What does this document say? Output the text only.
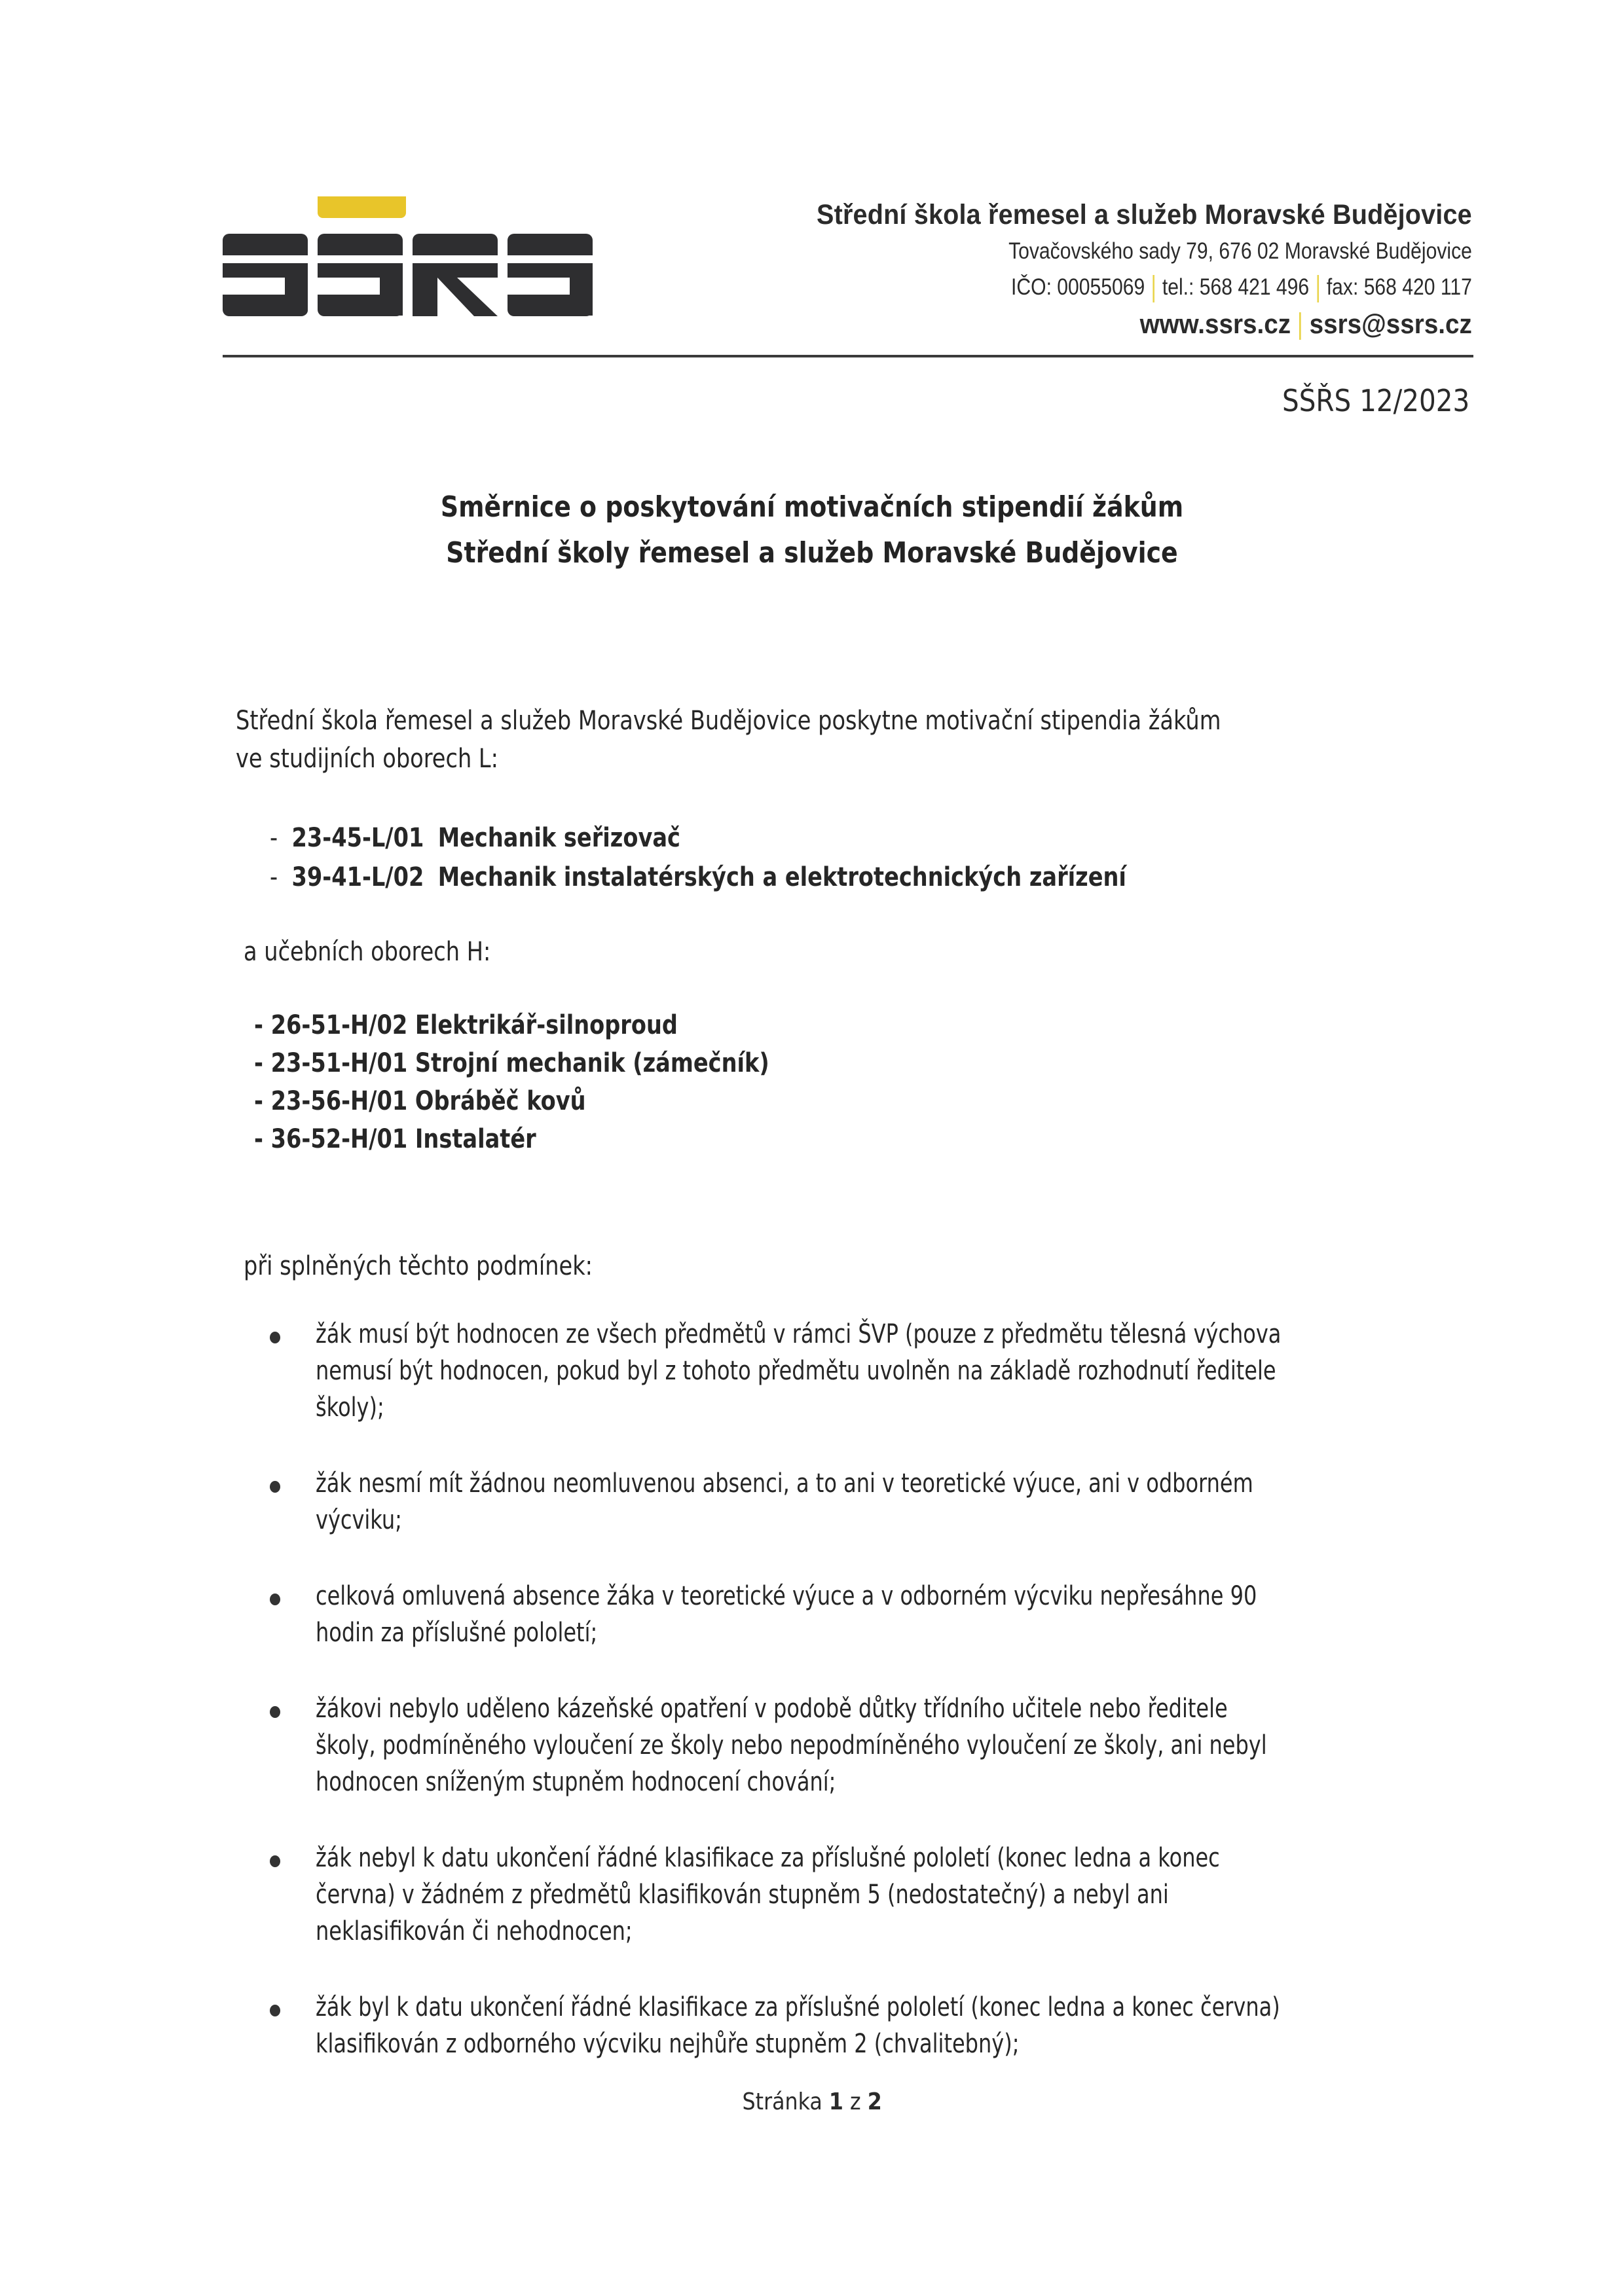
Střední škola řemesel a služeb Moravské Budějovice
Tovačovského sady 79, 676 02 Moravské Budějovice
IČO: 00055069 tel.: 568 421 496 fax: 568 420 117
www.ssrs.cz ssrs@ssrs.cz
SŠŘS 12/2023
Směrnice o poskytování motivačních stipendií žákům
Střední školy řemesel a služeb Moravské Budějovice
Střední škola řemesel a služeb Moravské Budějovice poskytne motivační stipendia žákům
ve studijních oborech L:
-  23-45-L/01 Mechanik seřizovač
-  39-41-L/02 Mechanik instalatérských a elektrotechnických zařízení
a učebních oborech H:
- 26-51-H/02 Elektrikář-silnoproud
- 23-51-H/01 Strojní mechanik (zámečník)
- 23-56-H/01 Obráběč kovů
- 36-52-H/01 Instalatér
při splněných těchto podmínek:
žák musí být hodnocen ze všech předmětů v rámci ŠVP (pouze z předmětu tělesná výchova
nemusí být hodnocen, pokud byl z tohoto předmětu uvolněn na základě rozhodnutí ředitele
školy);
žák nesmí mít žádnou neomluvenou absenci, a to ani v teoretické výuce, ani v odborném
výcviku;
celková omluvená absence žáka v teoretické výuce a v odborném výcviku nepřesáhne 90
hodin za příslušné pololetí;
žákovi nebylo uděleno kázeňské opatření v podobě důtky třídního učitele nebo ředitele
školy, podmíněného vyloučení ze školy nebo nepodmíněného vyloučení ze školy, ani nebyl
hodnocen sníženým stupněm hodnocení chování;
žák nebyl k datu ukončení řádné klasifikace za příslušné pololetí (konec ledna a konec
června) v žádném z předmětů klasifikován stupněm 5 (nedostatečný) a nebyl ani
neklasifikován či nehodnocen;
žák byl k datu ukončení řádné klasifikace za příslušné pololetí (konec ledna a konec června)
klasifikován z odborného výcviku nejhůře stupněm 2 (chvalitebný);
Stránka 1 z 2
